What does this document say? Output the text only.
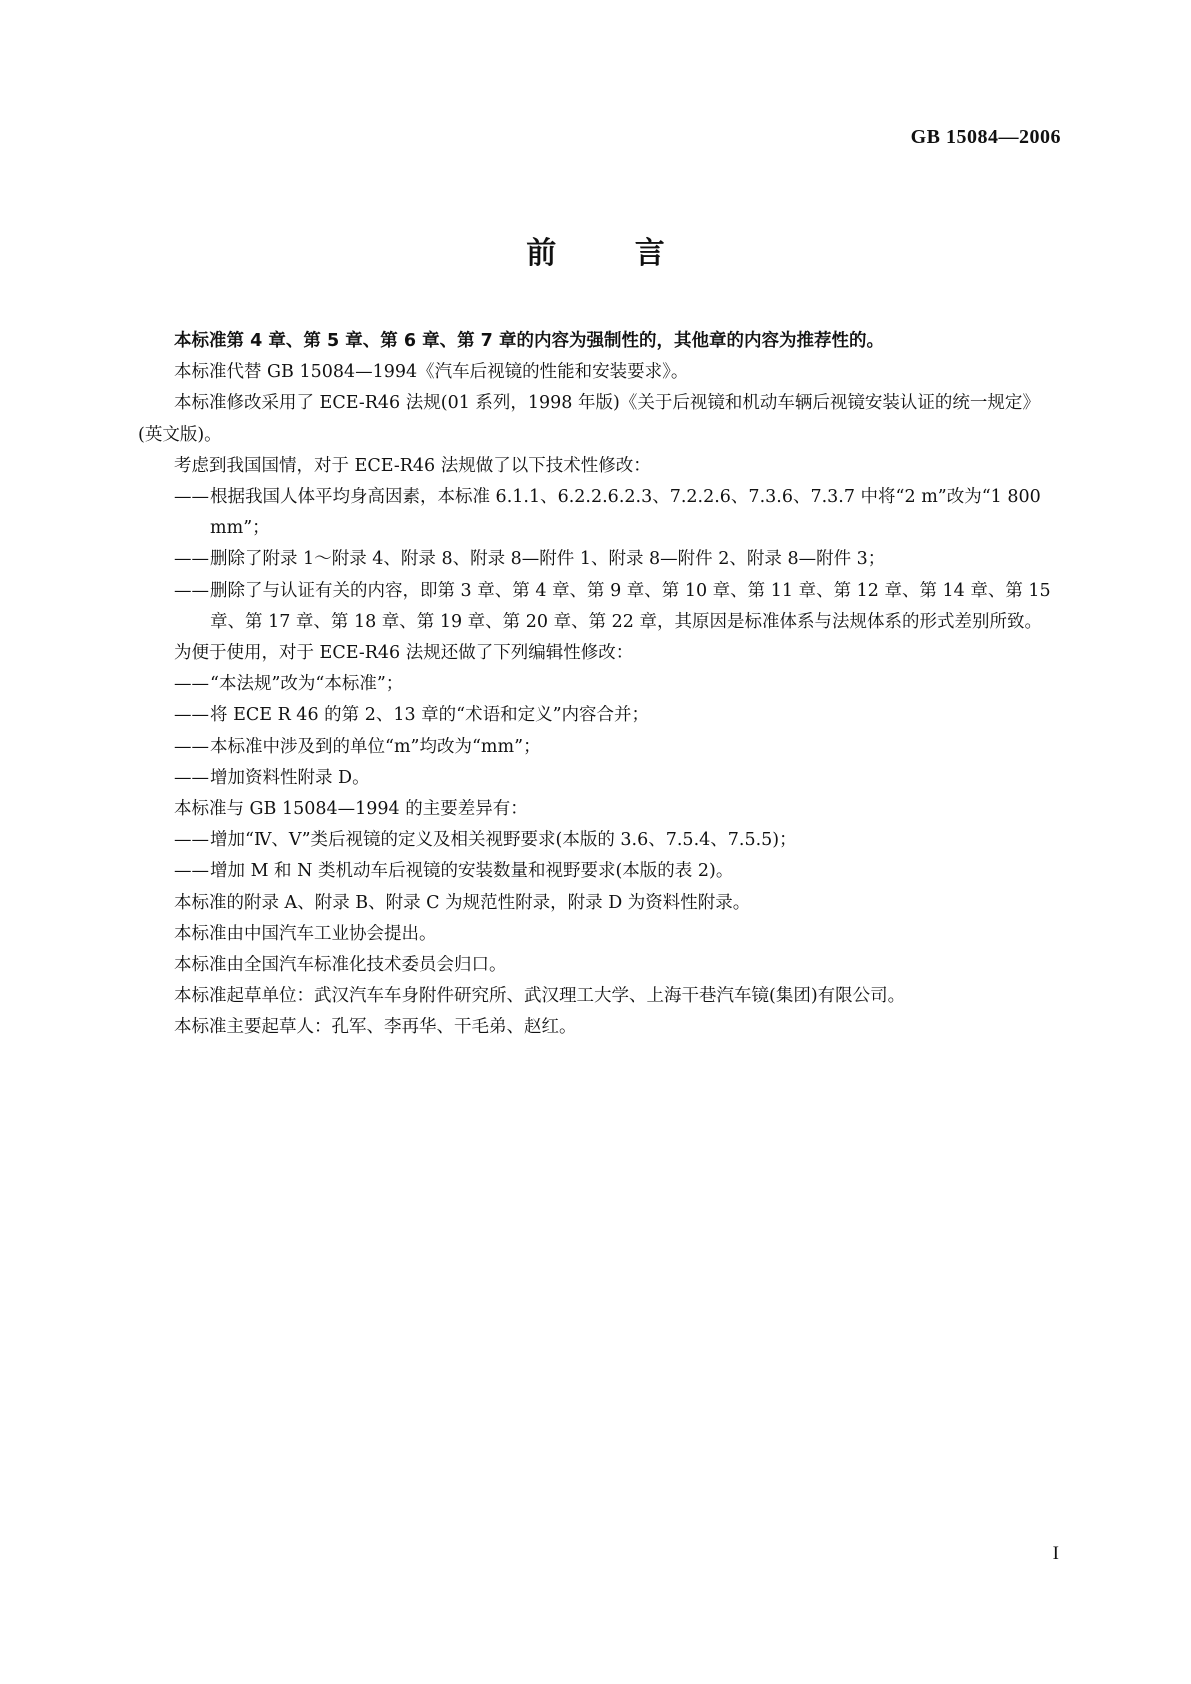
GB 15084—2006
前 言

本标准第 4 章、第 5 章、第 6 章、第 7 章的内容为强制性的，其他章的内容为推荐性的。

本标准代替 GB 15084—1994《汽车后视镜的性能和安装要求》。

本标准修改采用了 ECE-R46 法规(01 系列，1998 年版)《关于后视镜和机动车辆后视镜安装认证的统一规定》(英文版)。

考虑到我国国情，对于 ECE-R46 法规做了以下技术性修改：

——根据我国人体平均身高因素，本标准 6.1.1、6.2.2.6.2.3、7.2.2.6、7.3.6、7.3.7 中将“2 m”改为“1 800 mm”；

——删除了附录 1～附录 4、附录 8、附录 8—附件 1、附录 8—附件 2、附录 8—附件 3；

——删除了与认证有关的内容，即第 3 章、第 4 章、第 9 章、第 10 章、第 11 章、第 12 章、第 14 章、第 15 章、第 17 章、第 18 章、第 19 章、第 20 章、第 22 章，其原因是标准体系与法规体系的形式差别所致。

为便于使用，对于 ECE-R46 法规还做了下列编辑性修改：

——“本法规”改为“本标准”；

——将 ECE R 46 的第 2、13 章的“术语和定义”内容合并；

——本标准中涉及到的单位“m”均改为“mm”；

——增加资料性附录 D。

本标准与 GB 15084—1994 的主要差异有：

——增加“Ⅳ、Ⅴ”类后视镜的定义及相关视野要求(本版的 3.6、7.5.4、7.5.5)；

——增加 M 和 N 类机动车后视镜的安装数量和视野要求(本版的表 2)。

本标准的附录 A、附录 B、附录 C 为规范性附录，附录 D 为资料性附录。

本标准由中国汽车工业协会提出。

本标准由全国汽车标准化技术委员会归口。

本标准起草单位：武汉汽车车身附件研究所、武汉理工大学、上海干巷汽车镜(集团)有限公司。

本标准主要起草人：孔军、李再华、干毛弟、赵红。

I
